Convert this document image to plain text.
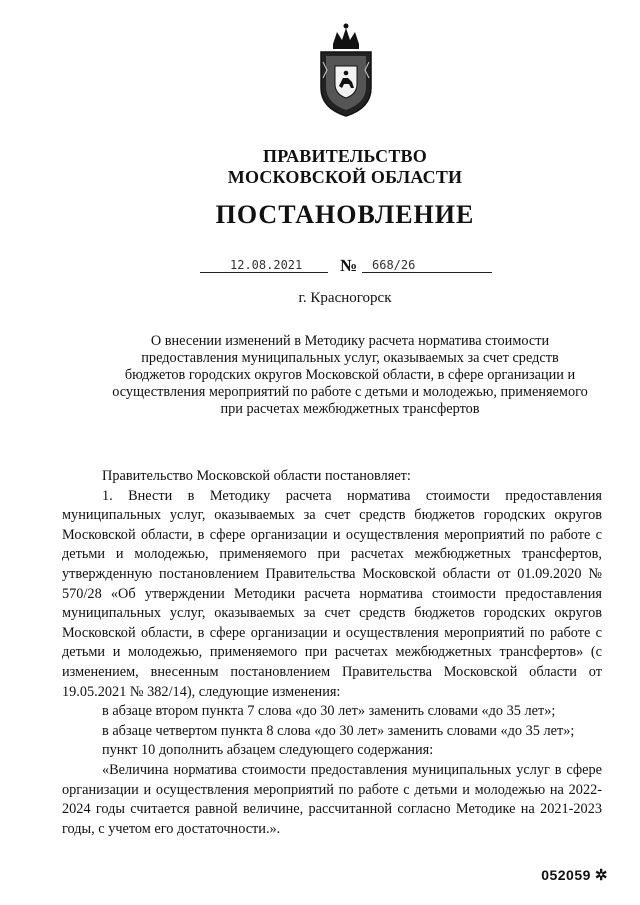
ПРАВИТЕЛЬСТВО
МОСКОВСКОЙ ОБЛАСТИ
ПОСТАНОВЛЕНИЕ
12.08.2021 № 668/26
г. Красногорск
О внесении изменений в Методику расчета норматива стоимости предоставления муниципальных услуг, оказываемых за счет средств бюджетов городских округов Московской области, в сфере организации и осуществления мероприятий по работе с детьми и молодежью, применяемого при расчетах межбюджетных трансфертов

Правительство Московской области постановляет:

1. Внести в Методику расчета норматива стоимости предоставления муниципальных услуг, оказываемых за счет средств бюджетов городских округов Московской области, в сфере организации и осуществления мероприятий по работе с детьми и молодежью, применяемого при расчетах межбюджетных трансфертов, утвержденную постановлением Правительства Московской области от 01.09.2020 № 570/28 «Об утверждении Методики расчета норматива стоимости предоставления муниципальных услуг, оказываемых за счет средств бюджетов городских округов Московской области, в сфере организации и осуществления мероприятий по работе с детьми и молодежью, применяемого при расчетах межбюджетных трансфертов» (с изменением, внесенным постановлением Правительства Московской области от 19.05.2021 № 382/14), следующие изменения:

в абзаце втором пункта 7 слова «до 30 лет» заменить словами «до 35 лет»;

в абзаце четвертом пункта 8 слова «до 30 лет» заменить словами «до 35 лет»;

пункт 10 дополнить абзацем следующего содержания:

«Величина норматива стоимости предоставления муниципальных услуг в сфере организации и осуществления мероприятий по работе с детьми и молодежью на 2022-2024 годы считается равной величине, рассчитанной согласно Методике на 2021-2023 годы, с учетом его достаточности.».

052059 ✲
